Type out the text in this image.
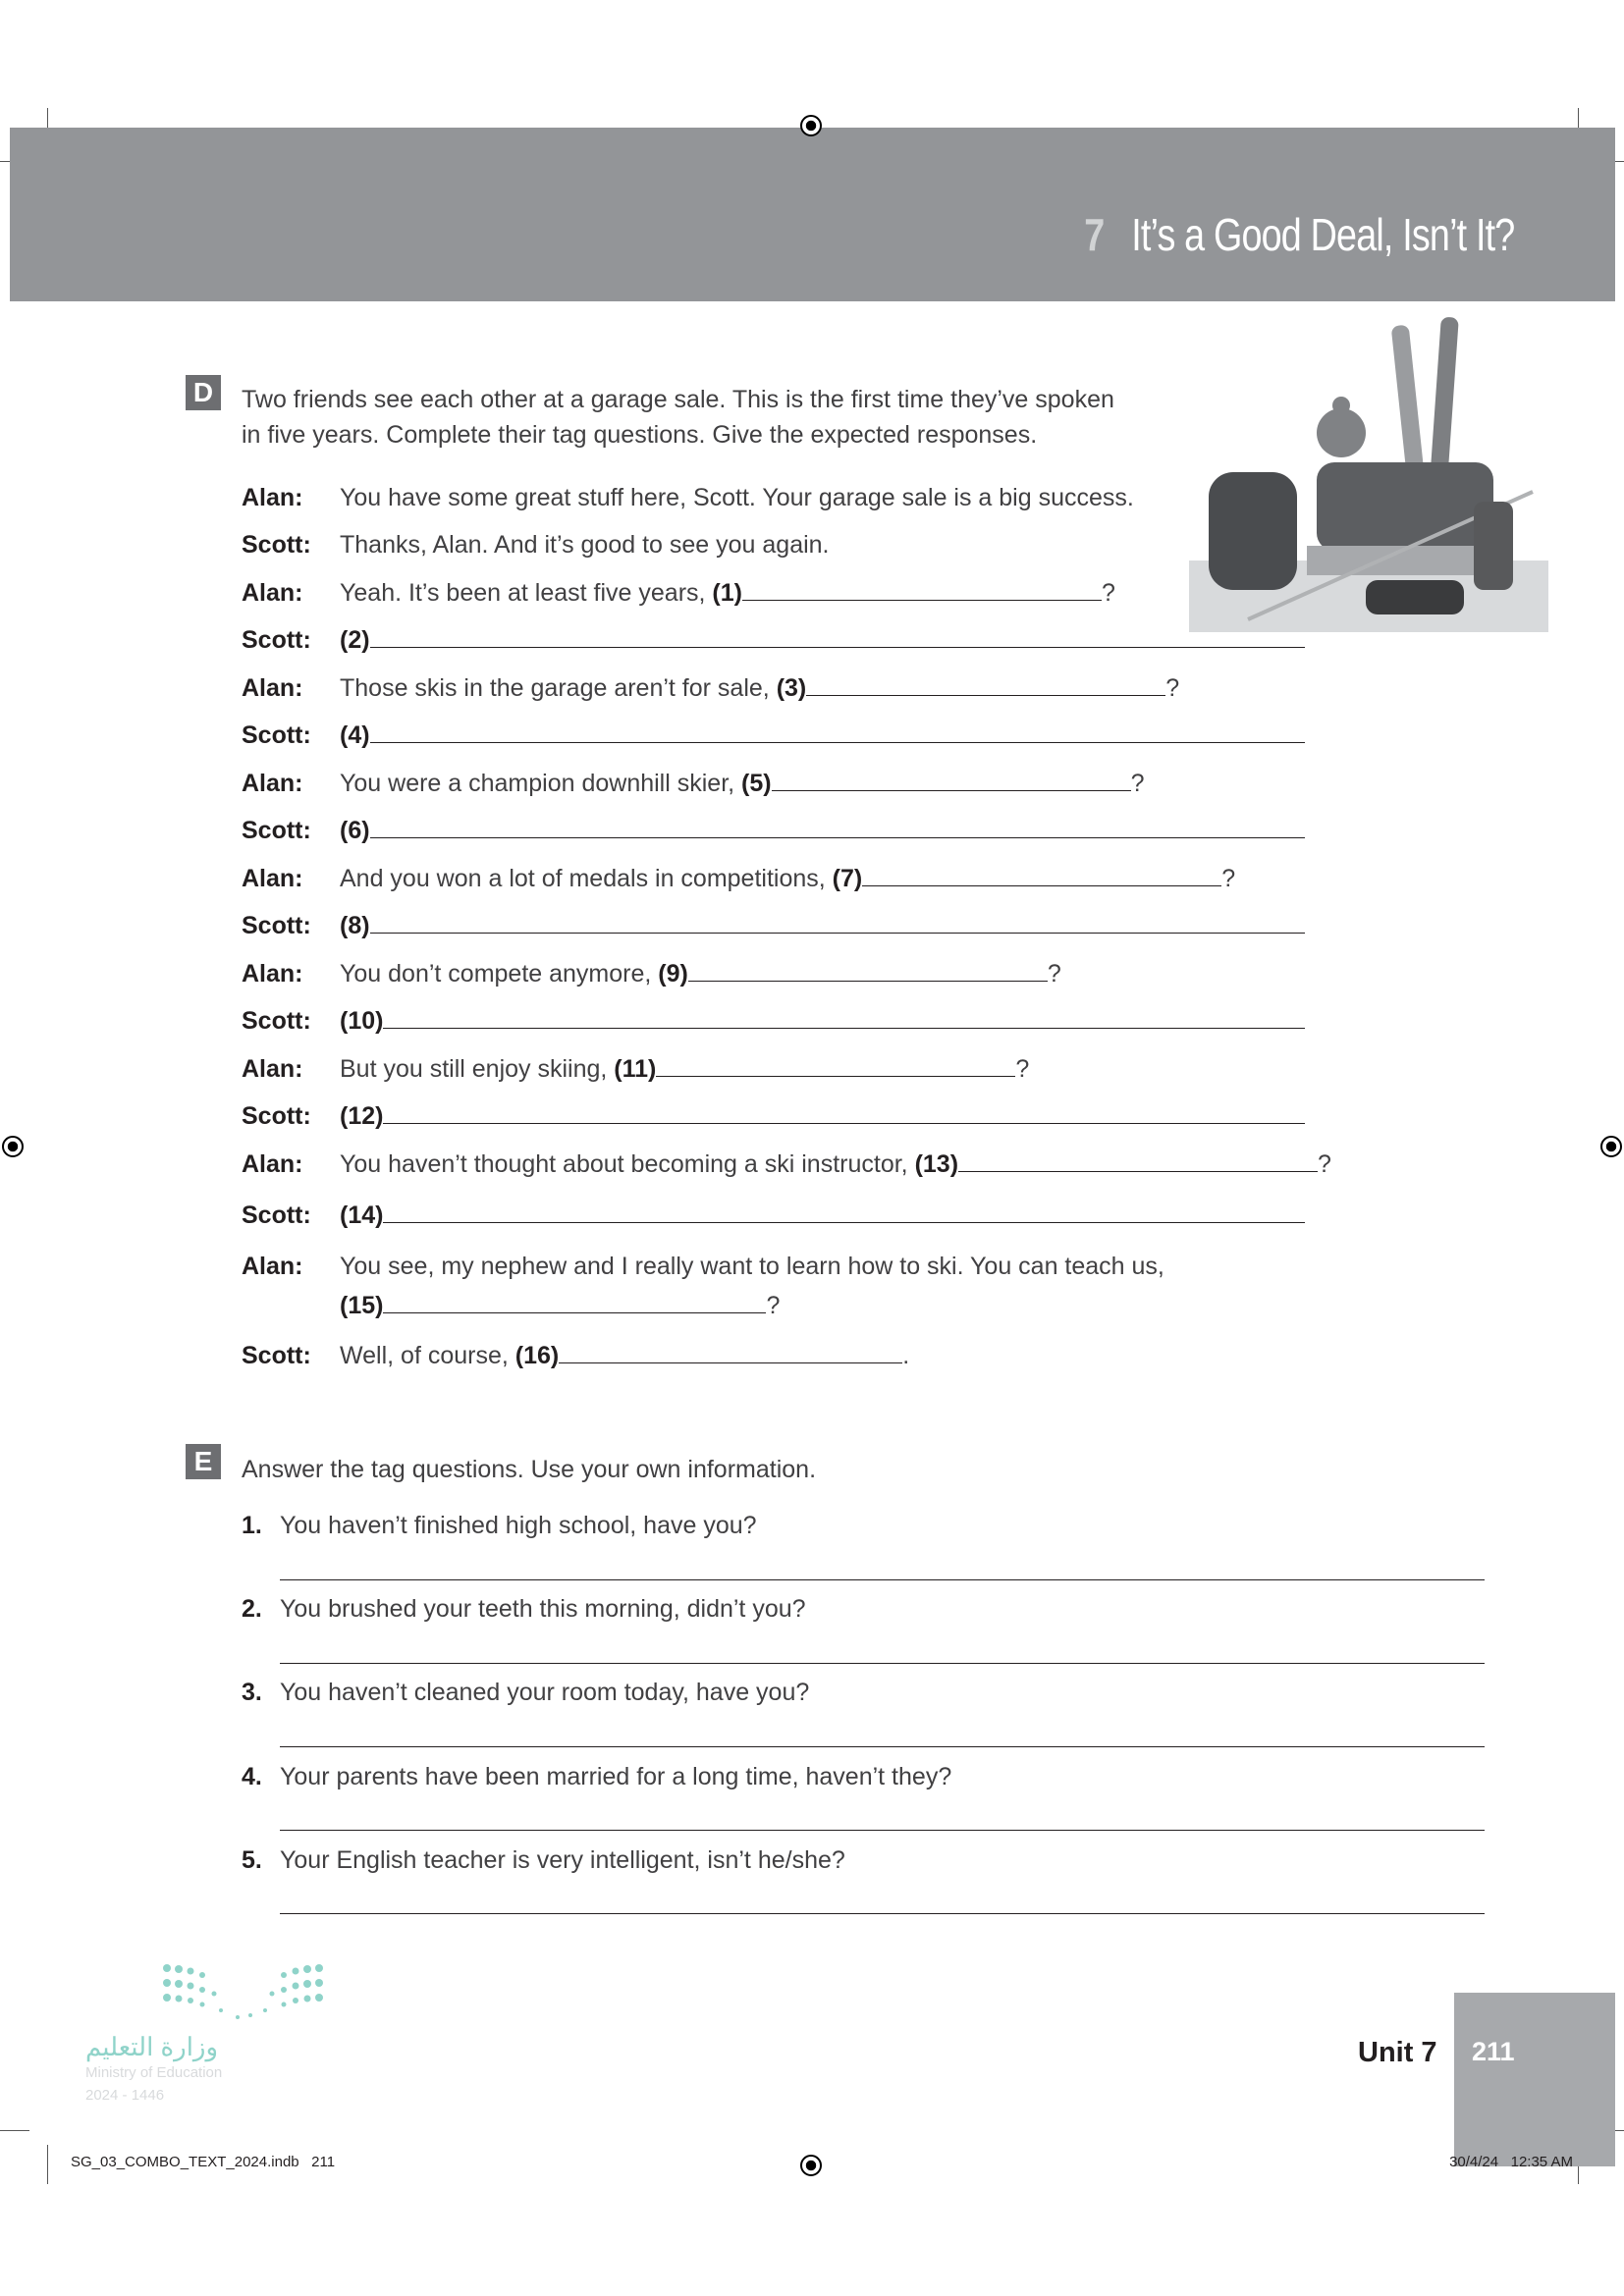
7 It’s a Good Deal, Isn’t It?
D	Two friends see each other at a garage sale. This is the first time they’ve spoken
in five years. Complete their tag questions. Give the expected responses.
Alan: You have some great stuff here, Scott. Your garage sale is a big success.
Scott: Thanks, Alan. And it’s good to see you again.
Alan: Yeah. It’s been at least five years, (1)	?
Scott: (2)
Alan: Those skis in the garage aren’t for sale, (3)	?
Scott: (4)
Alan: You were a champion downhill skier, (5)	?
Scott: (6)
Alan: And you won a lot of medals in competitions, (7)	?
Scott: (8)
Alan: You don’t compete anymore, (9)	?
Scott: (10)
Alan: But you still enjoy skiing, (11)	?
Scott: (12)
Alan: You haven’t thought about becoming a ski instructor, (13)	?
Scott: (14)
Alan: You see, my nephew and I really want to learn how to ski. You can teach us,
(15)	?
Scott: Well, of course, (16)	.
E	Answer the tag questions. Use your own information.
1. You haven’t finished high school, have you?
2. You brushed your teeth this morning, didn’t you?
3. You haven’t cleaned your room today, have you?
4. Your parents have been married for a long time, haven’t they?
5. Your English teacher is very intelligent, isn’t he/she?
وزارة التعليم
Ministry of Education
2024 - 1446
Unit 7 211
SG_03_COMBO_TEXT_2024.indb   211	30/4/24   12:35 AM
